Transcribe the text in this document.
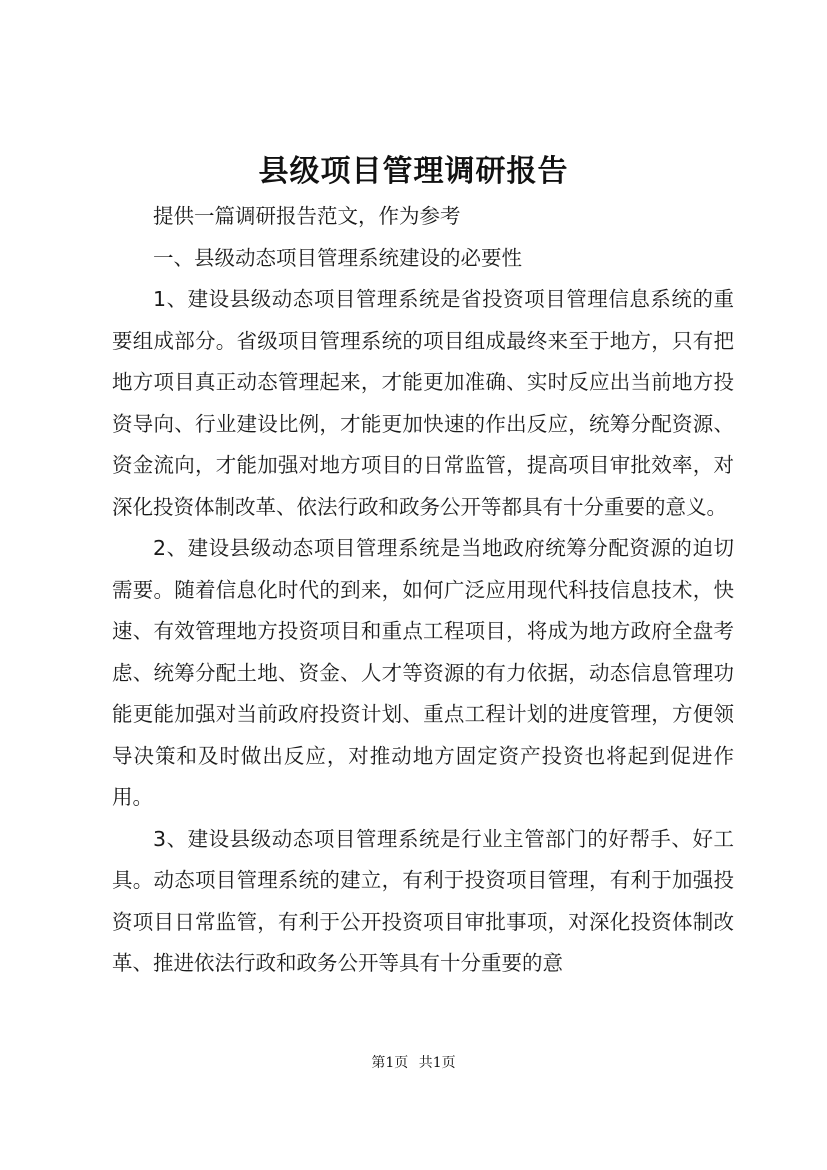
县级项目管理调研报告

提供一篇调研报告范文，作为参考

一、县级动态项目管理系统建设的必要性

1、建设县级动态项目管理系统是省投资项目管理信息系统的重要组成部分。省级项目管理系统的项目组成最终来至于地方，只有把地方项目真正动态管理起来，才能更加准确、实时反应出当前地方投资导向、行业建设比例，才能更加快速的作出反应，统筹分配资源、资金流向，才能加强对地方项目的日常监管，提高项目审批效率，对深化投资体制改革、依法行政和政务公开等都具有十分重要的意义。

2、建设县级动态项目管理系统是当地政府统筹分配资源的迫切需要。随着信息化时代的到来，如何广泛应用现代科技信息技术，快速、有效管理地方投资项目和重点工程项目，将成为地方政府全盘考虑、统筹分配土地、资金、人才等资源的有力依据，动态信息管理功能更能加强对当前政府投资计划、重点工程计划的进度管理，方便领导决策和及时做出反应，对推动地方固定资产投资也将起到促进作用。

3、建设县级动态项目管理系统是行业主管部门的好帮手、好工具。动态项目管理系统的建立，有利于投资项目管理，有利于加强投资项目日常监管，有利于公开投资项目审批事项，对深化投资体制改革、推进依法行政和政务公开等具有十分重要的意

第1页 共1页
